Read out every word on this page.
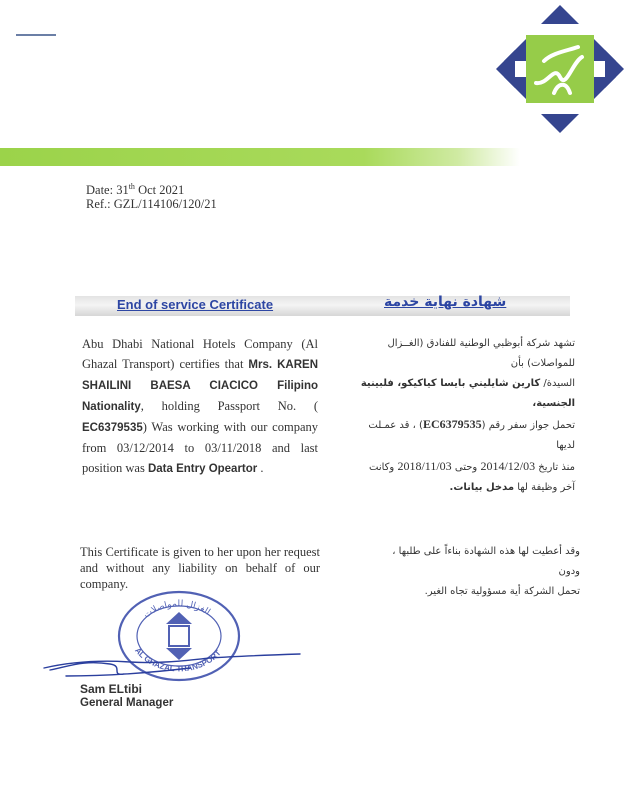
Date: 31th Oct 2021
Ref.: GZL/114106/120/21
End of service Certificate	شهادة نهاية خدمة
Abu Dhabi National Hotels Company (Al Ghazal Transport) certifies that Mrs. KAREN SHAILINI BAESA CIACICO Filipino Nationality, holding Passport No. ( EC6379535) Was working with our company from 03/12/2014 to 03/11/2018 and last position was Data Entry Opeartor .
تشهد شركة أبوظبي الوطنية للفنادق (الغــزال للمواصلات) بأن
السيدة/ كارين شايليني بايسا كياكيكو، فلبينية الجنسية،
تحمل جواز سفر رقم (EC6379535) ، قد عمـلت لديها
منذ تاريخ 2014/12/03 وحتى 2018/11/03 وكانت
آخر وظيفة لها مدخل بيانات.
This Certificate is given to her upon her request and without any liability on behalf of our company.
وقد أعطيت لها هذه الشهادة بناءاً على طلبها ، ودون
تحمل الشركة أية مسؤولية تجاه الغير.
الغزال للمواصلات
AL GHAZAL TRANSPORT
Sam ELtibi
General Manager
